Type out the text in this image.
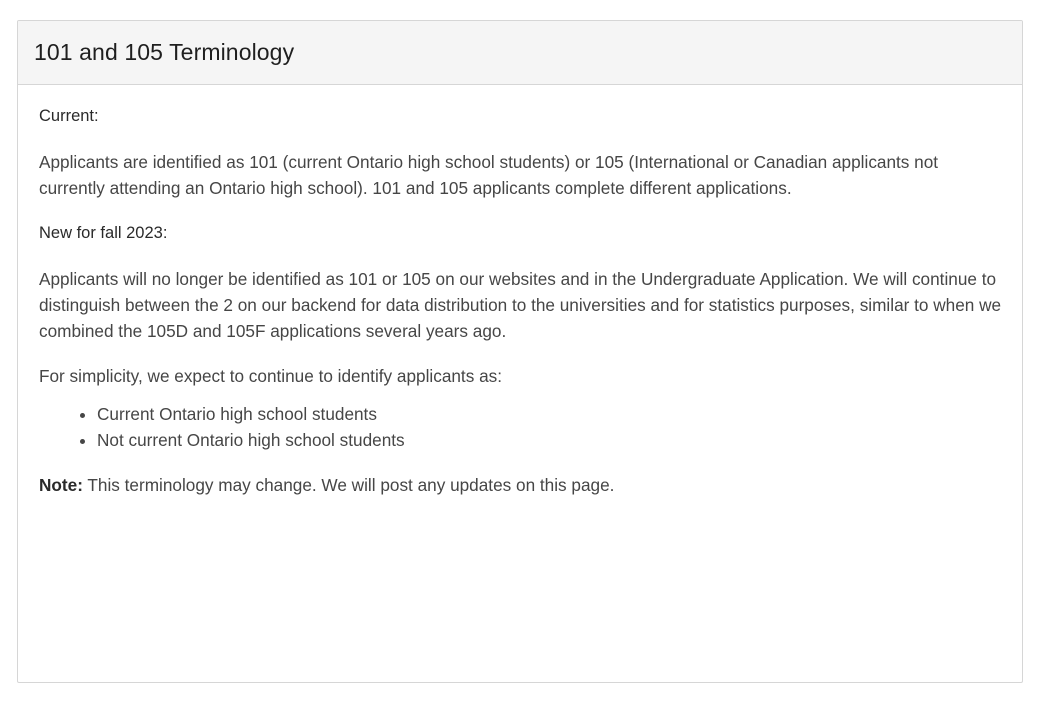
101 and 105 Terminology

Current:

Applicants are identified as 101 (current Ontario high school students) or 105 (International or Canadian applicants not currently attending an Ontario high school). 101 and 105 applicants complete different applications.

New for fall 2023:

Applicants will no longer be identified as 101 or 105 on our websites and in the Undergraduate Application. We will continue to distinguish between the 2 on our backend for data distribution to the universities and for statistics purposes, similar to when we combined the 105D and 105F applications several years ago.

For simplicity, we expect to continue to identify applicants as:

• Current Ontario high school students
• Not current Ontario high school students

Note: This terminology may change. We will post any updates on this page.
